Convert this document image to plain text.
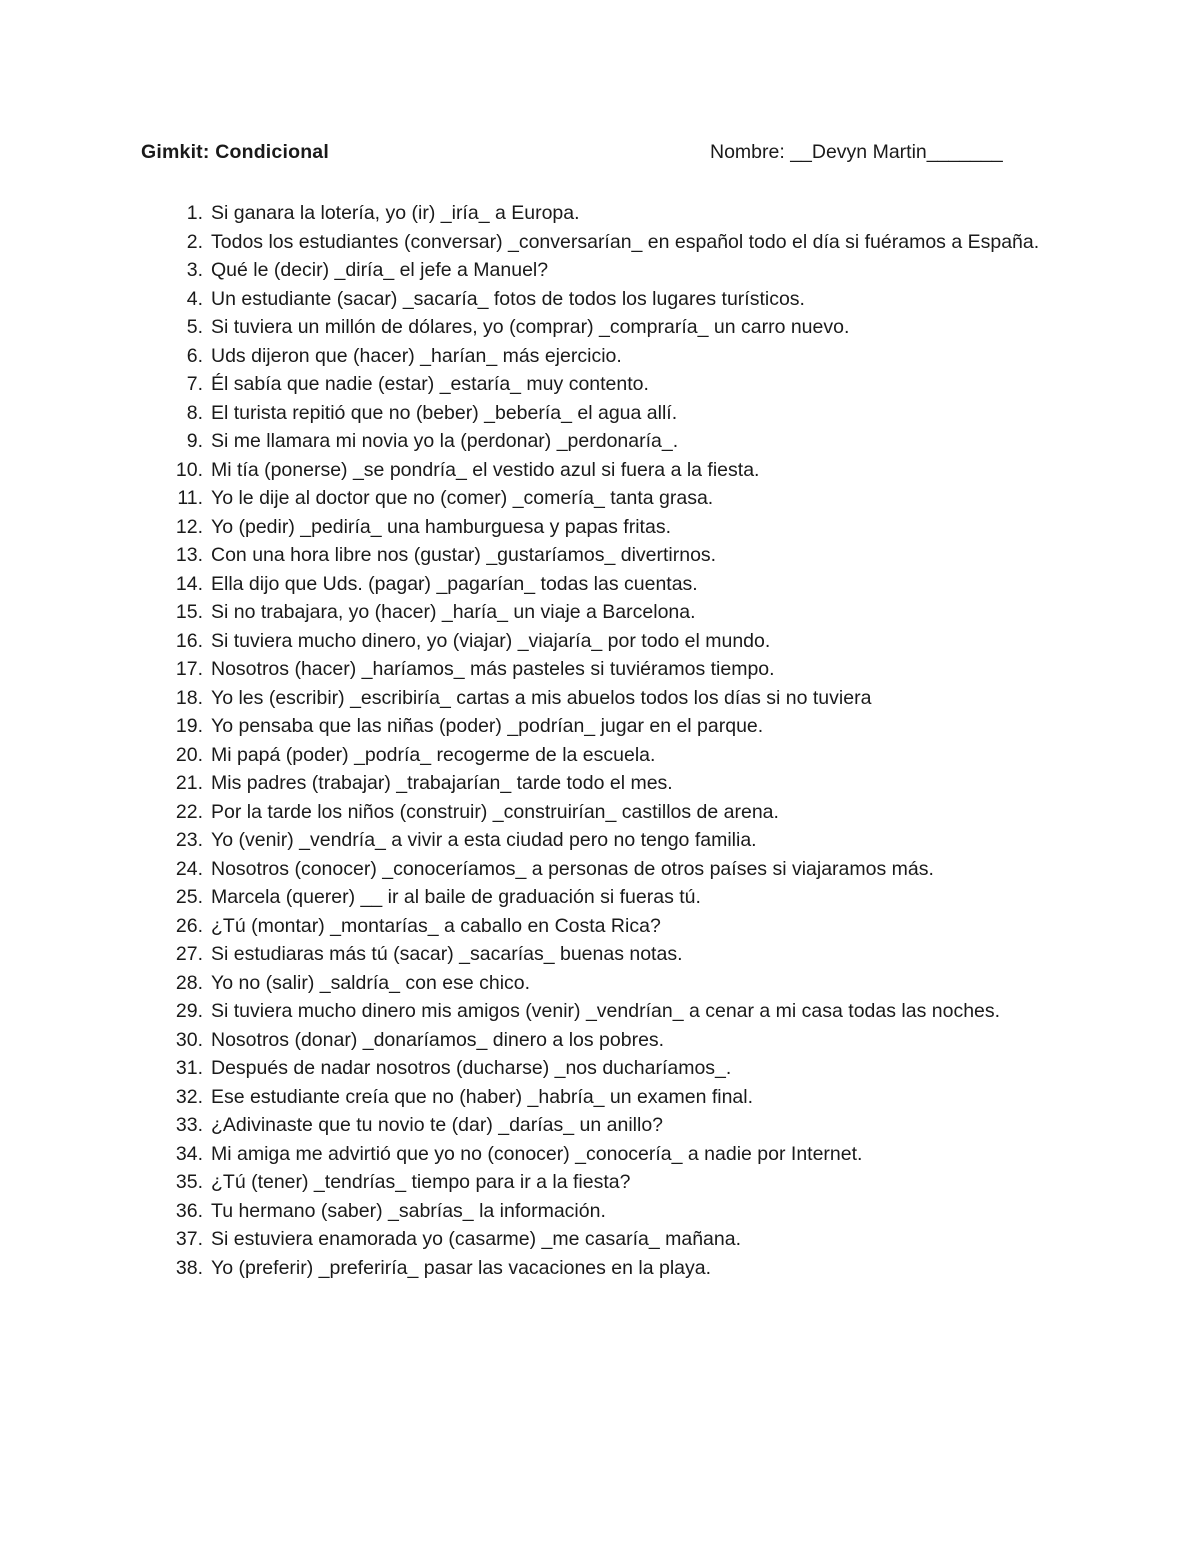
Gimkit: Condicional	Nombre: __Devyn Martin_______
1. Si ganara la lotería, yo (ir) _iría_ a Europa.
2. Todos los estudiantes (conversar) _conversarían_ en español todo el día si fuéramos a España.
3. Qué le (decir) _diría_ el jefe a Manuel?
4. Un estudiante (sacar) _sacaría_ fotos de todos los lugares turísticos.
5. Si tuviera un millón de dólares, yo (comprar) _compraría_ un carro nuevo.
6. Uds dijeron que (hacer) _harían_ más ejercicio.
7. Él sabía que nadie (estar) _estaría_ muy contento.
8. El turista repitió que no (beber) _bebería_ el agua allí.
9. Si me llamara mi novia yo la (perdonar) _perdonaría_.
10. Mi tía (ponerse) _se pondría_ el vestido azul si fuera a la fiesta.
11. Yo le dije al doctor que no (comer) _comería_ tanta grasa.
12. Yo (pedir) _pediría_ una hamburguesa y papas fritas.
13. Con una hora libre nos (gustar) _gustaríamos_ divertirnos.
14. Ella dijo que Uds. (pagar) _pagarían_ todas las cuentas.
15. Si no trabajara, yo (hacer) _haría_ un viaje a Barcelona.
16. Si tuviera mucho dinero, yo (viajar) _viajaría_ por todo el mundo.
17. Nosotros (hacer) _haríamos_ más pasteles si tuviéramos tiempo.
18. Yo les (escribir) _escribiría_ cartas a mis abuelos todos los días si no tuviera
19. Yo pensaba que las niñas (poder) _podrían_ jugar en el parque.
20. Mi papá (poder) _podría_ recogerme de la escuela.
21. Mis padres (trabajar) _trabajarían_ tarde todo el mes.
22. Por la tarde los niños (construir) _construirían_ castillos de arena.
23. Yo (venir) _vendría_ a vivir a esta ciudad pero no tengo familia.
24. Nosotros (conocer) _conoceríamos_ a personas de otros países si viajaramos más.
25. Marcela (querer) __ ir al baile de graduación si fueras tú.
26. ¿Tú (montar) _montarías_ a caballo en Costa Rica?
27. Si estudiaras más tú (sacar) _sacarías_ buenas notas.
28. Yo no (salir) _saldría_ con ese chico.
29. Si tuviera mucho dinero mis amigos (venir) _vendrían_ a cenar a mi casa todas las noches.
30. Nosotros (donar) _donaríamos_ dinero a los pobres.
31. Después de nadar nosotros (ducharse) _nos ducharíamos_.
32. Ese estudiante creía que no (haber) _habría_ un examen final.
33. ¿Adivinaste que tu novio te (dar) _darías_ un anillo?
34. Mi amiga me advirtió que yo no (conocer) _conocería_ a nadie por Internet.
35. ¿Tú (tener) _tendrías_ tiempo para ir a la fiesta?
36. Tu hermano (saber) _sabrías_ la información.
37. Si estuviera enamorada yo (casarme) _me casaría_ mañana.
38. Yo (preferir) _preferiría_ pasar las vacaciones en la playa.
